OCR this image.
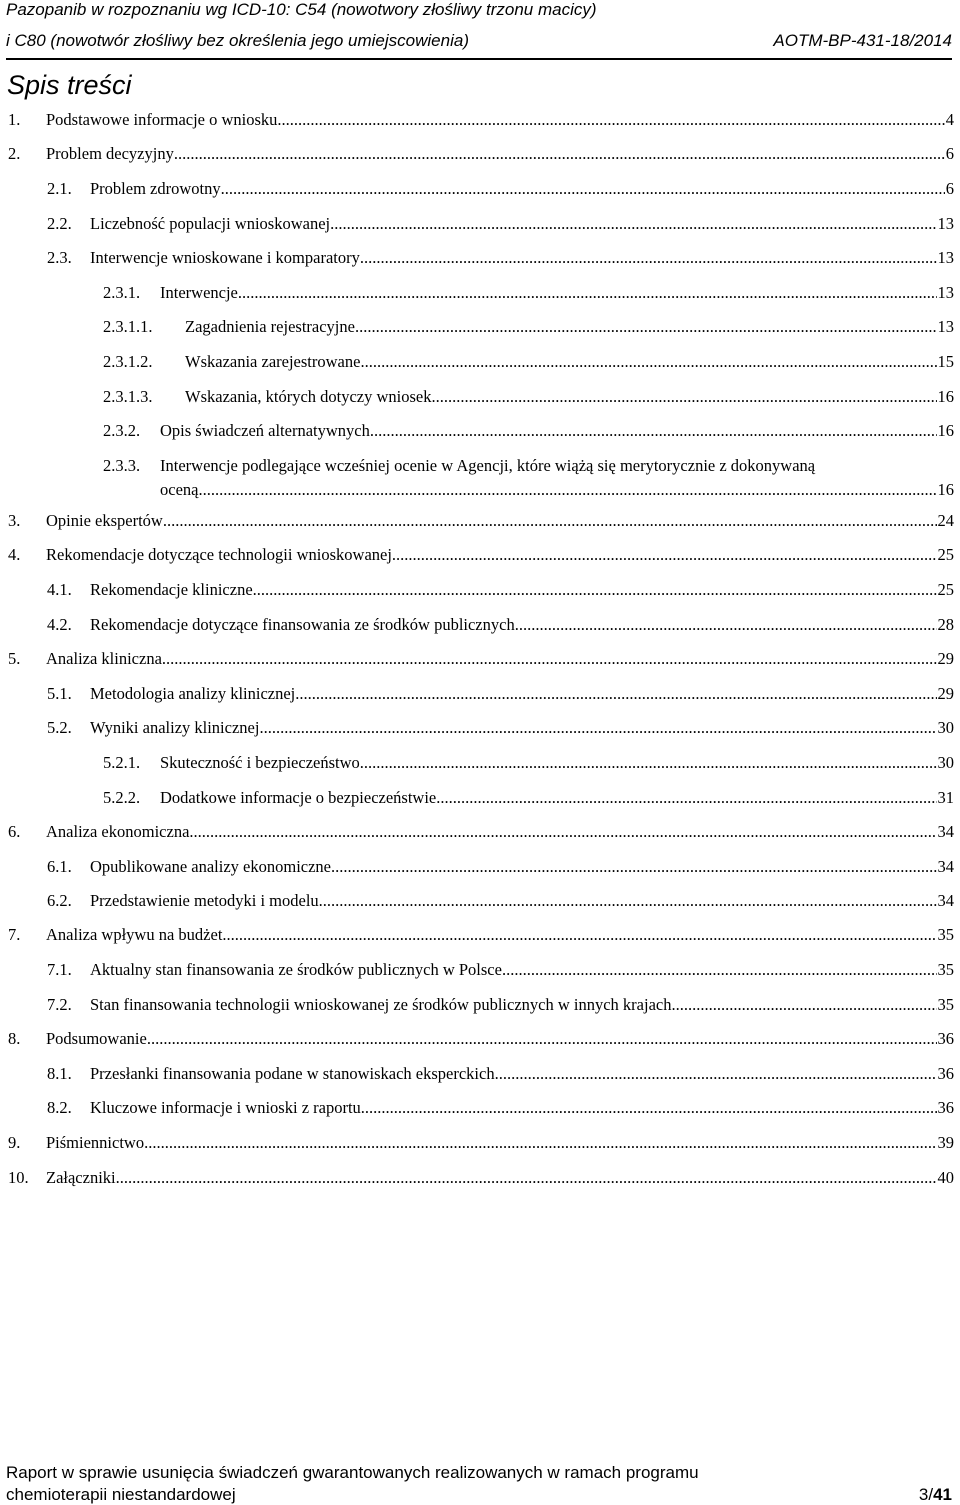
Pazopanib w rozpoznaniu wg ICD-10: C54 (nowotwory złośliwy trzonu macicy)
i C80 (nowotwór złośliwy bez określenia jego umiejscowienia)	AOTM-BP-431-18/2014
Spis treści
1. Podstawowe informacje o wniosku .....	4
2. Problem decyzyjny .....	6
2.1. Problem zdrowotny .....	6
2.2. Liczebność populacji wnioskowanej .....	13
2.3. Interwencje wnioskowane i komparatory .....	13
2.3.1. Interwencje .....	13
2.3.1.1. Zagadnienia rejestracyjne .....	13
2.3.1.2. Wskazania zarejestrowane .....	15
2.3.1.3. Wskazania, których dotyczy wniosek .....	16
2.3.2. Opis świadczeń alternatywnych .....	16
2.3.3. Interwencje podlegające wcześniej ocenie w Agencji, które wiążą się merytorycznie z dokonywaną
oceną .....	16
3. Opinie ekspertów .....	24
4. Rekomendacje dotyczące technologii wnioskowanej .....	25
4.1. Rekomendacje kliniczne .....	25
4.2. Rekomendacje dotyczące finansowania ze środków publicznych .....	28
5. Analiza kliniczna .....	29
5.1. Metodologia analizy klinicznej .....	29
5.2. Wyniki analizy klinicznej .....	30
5.2.1. Skuteczność i bezpieczeństwo .....	30
5.2.2. Dodatkowe informacje o bezpieczeństwie .....	31
6. Analiza ekonomiczna .....	34
6.1. Opublikowane analizy ekonomiczne .....	34
6.2. Przedstawienie metodyki i modelu .....	34
7. Analiza wpływu na budżet .....	35
7.1. Aktualny stan finansowania ze środków publicznych w Polsce .....	35
7.2. Stan finansowania technologii wnioskowanej ze środków publicznych w innych krajach .....	35
8. Podsumowanie .....	36
8.1. Przesłanki finansowania podane w stanowiskach eksperckich .....	36
8.2. Kluczowe informacje i wnioski z raportu .....	36
9. Piśmiennictwo .....	39
10. Załączniki .....	40
Raport w sprawie usunięcia świadczeń gwarantowanych realizowanych w ramach programu
chemioterapii niestandardowej	3/41
